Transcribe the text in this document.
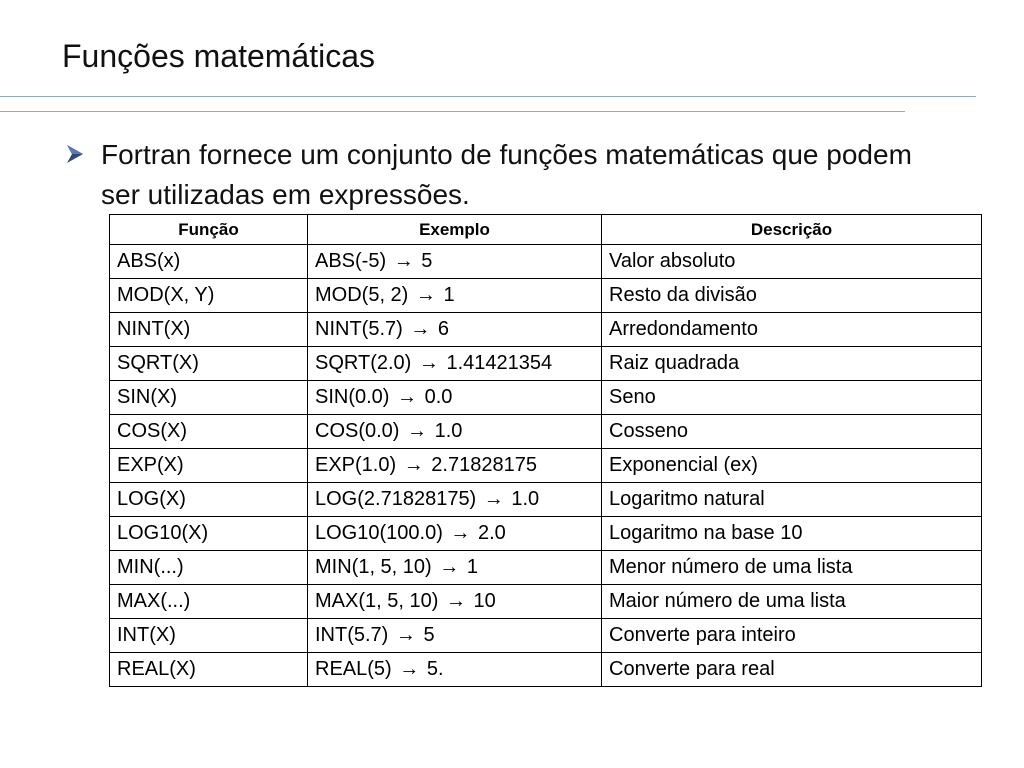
Funções matemáticas
Fortran fornece um conjunto de funções matemáticas que podem ser utilizadas em expressões.
Função	Exemplo	Descrição
ABS(x)	ABS(-5) → 5	Valor absoluto
MOD(X, Y)	MOD(5, 2) → 1	Resto da divisão
NINT(X)	NINT(5.7) → 6	Arredondamento
SQRT(X)	SQRT(2.0) → 1.41421354	Raiz quadrada
SIN(X)	SIN(0.0) → 0.0	Seno
COS(X)	COS(0.0) → 1.0	Cosseno
EXP(X)	EXP(1.0) → 2.71828175	Exponencial (ex)
LOG(X)	LOG(2.71828175) → 1.0	Logaritmo natural
LOG10(X)	LOG10(100.0) → 2.0	Logaritmo na base 10
MIN(...)	MIN(1, 5, 10) → 1	Menor número de uma lista
MAX(...)	MAX(1, 5, 10) → 10	Maior número de uma lista
INT(X)	INT(5.7) → 5	Converte para inteiro
REAL(X)	REAL(5) → 5.	Converte para real
